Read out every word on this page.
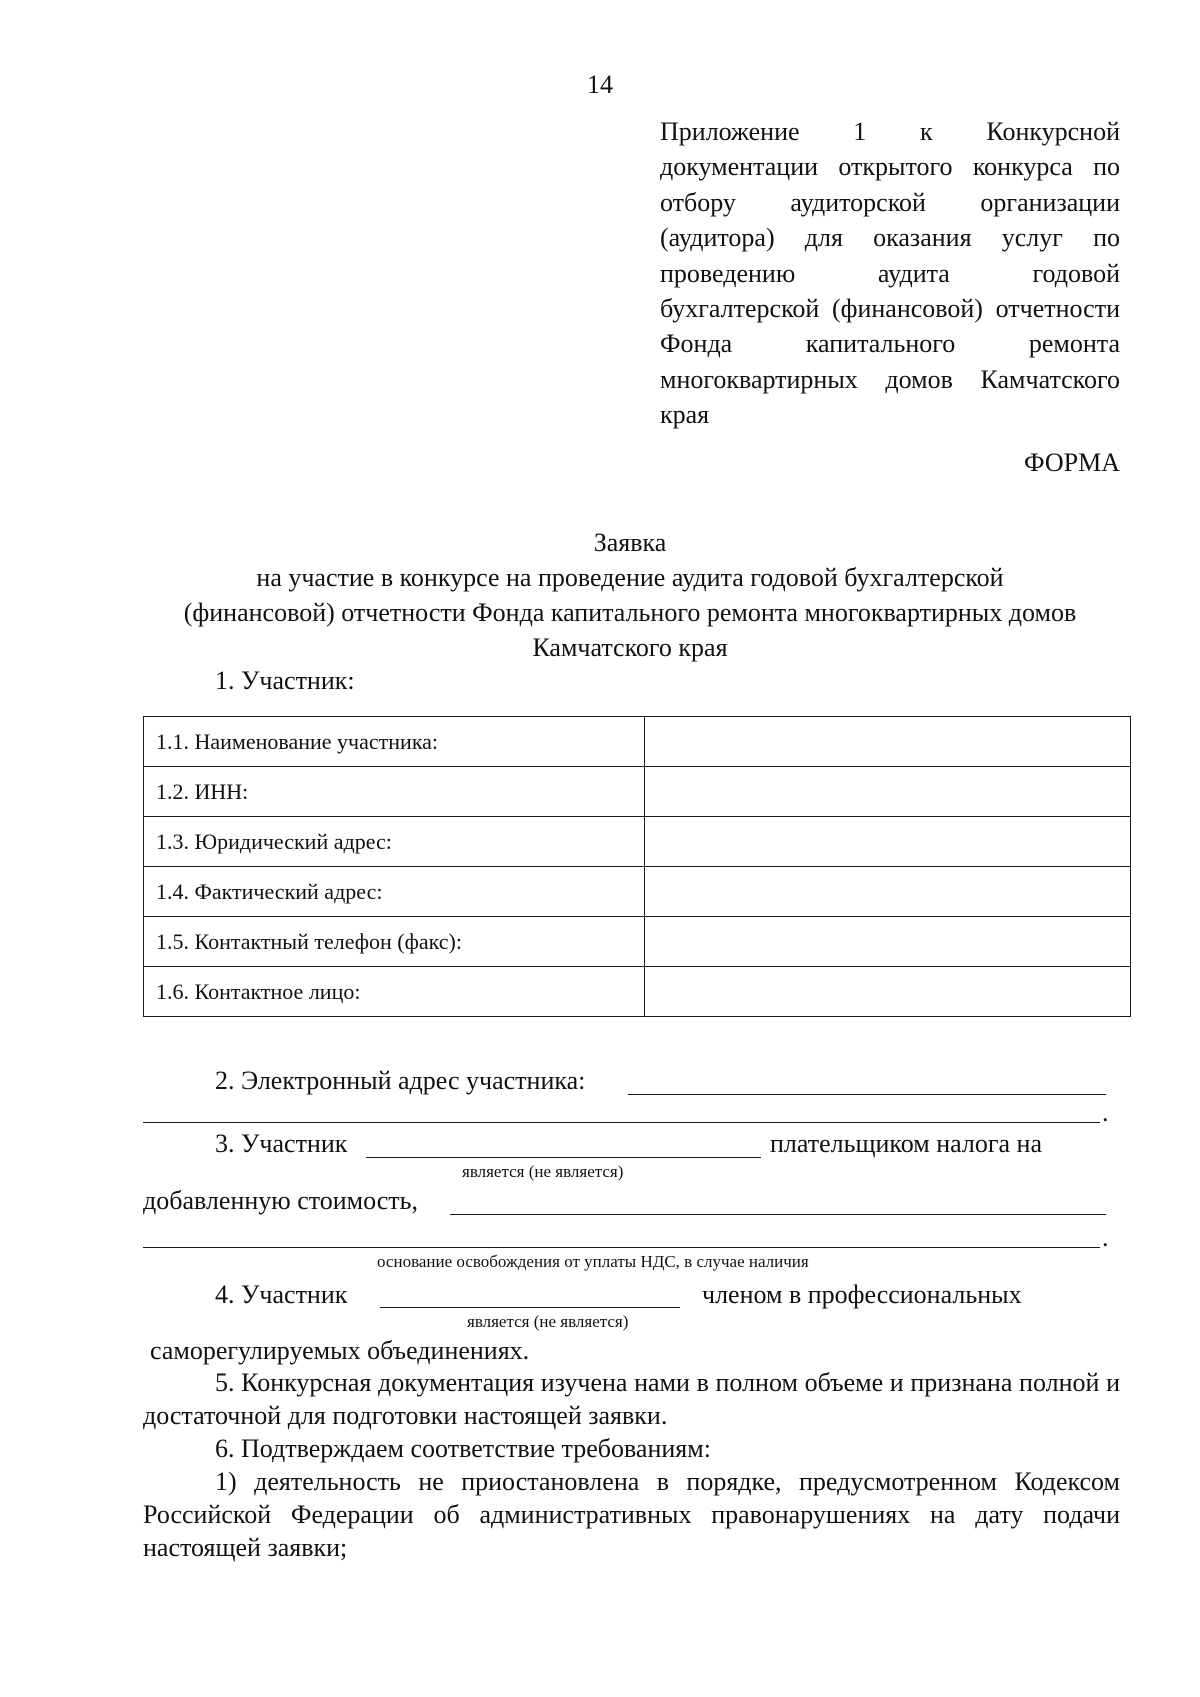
14
Приложение 1 к Конкурсной документации открытого конкурса по отбору аудиторской организации (аудитора) для оказания услуг по проведению аудита годовой бухгалтерской (финансовой) отчетности Фонда капитального ремонта многоквартирных домов Камчатского края
ФОРМА
Заявка
на участие в конкурсе на проведение аудита годовой бухгалтерской
(финансовой) отчетности Фонда капитального ремонта многоквартирных домов
Камчатского края
1. Участник:
1.1. Наименование участника:	
1.2. ИНН:	
1.3. Юридический адрес:	
1.4. Фактический адрес:	
1.5. Контактный телефон (факс):	
1.6. Контактное лицо:	
2. Электронный адрес участника:
.
3. Участник	плательщиком налога на
является (не является)
добавленную стоимость,
.
основание освобождения от уплаты НДС, в случае наличия
4. Участник	членом в профессиональных
является (не является)
саморегулируемых объединениях.
5. Конкурсная документация изучена нами в полном объеме и признана полной и достаточной для подготовки настоящей заявки.
6. Подтверждаем соответствие требованиям:
1) деятельность не приостановлена в порядке, предусмотренном Кодексом Российской Федерации об административных правонарушениях на дату подачи настоящей заявки;
